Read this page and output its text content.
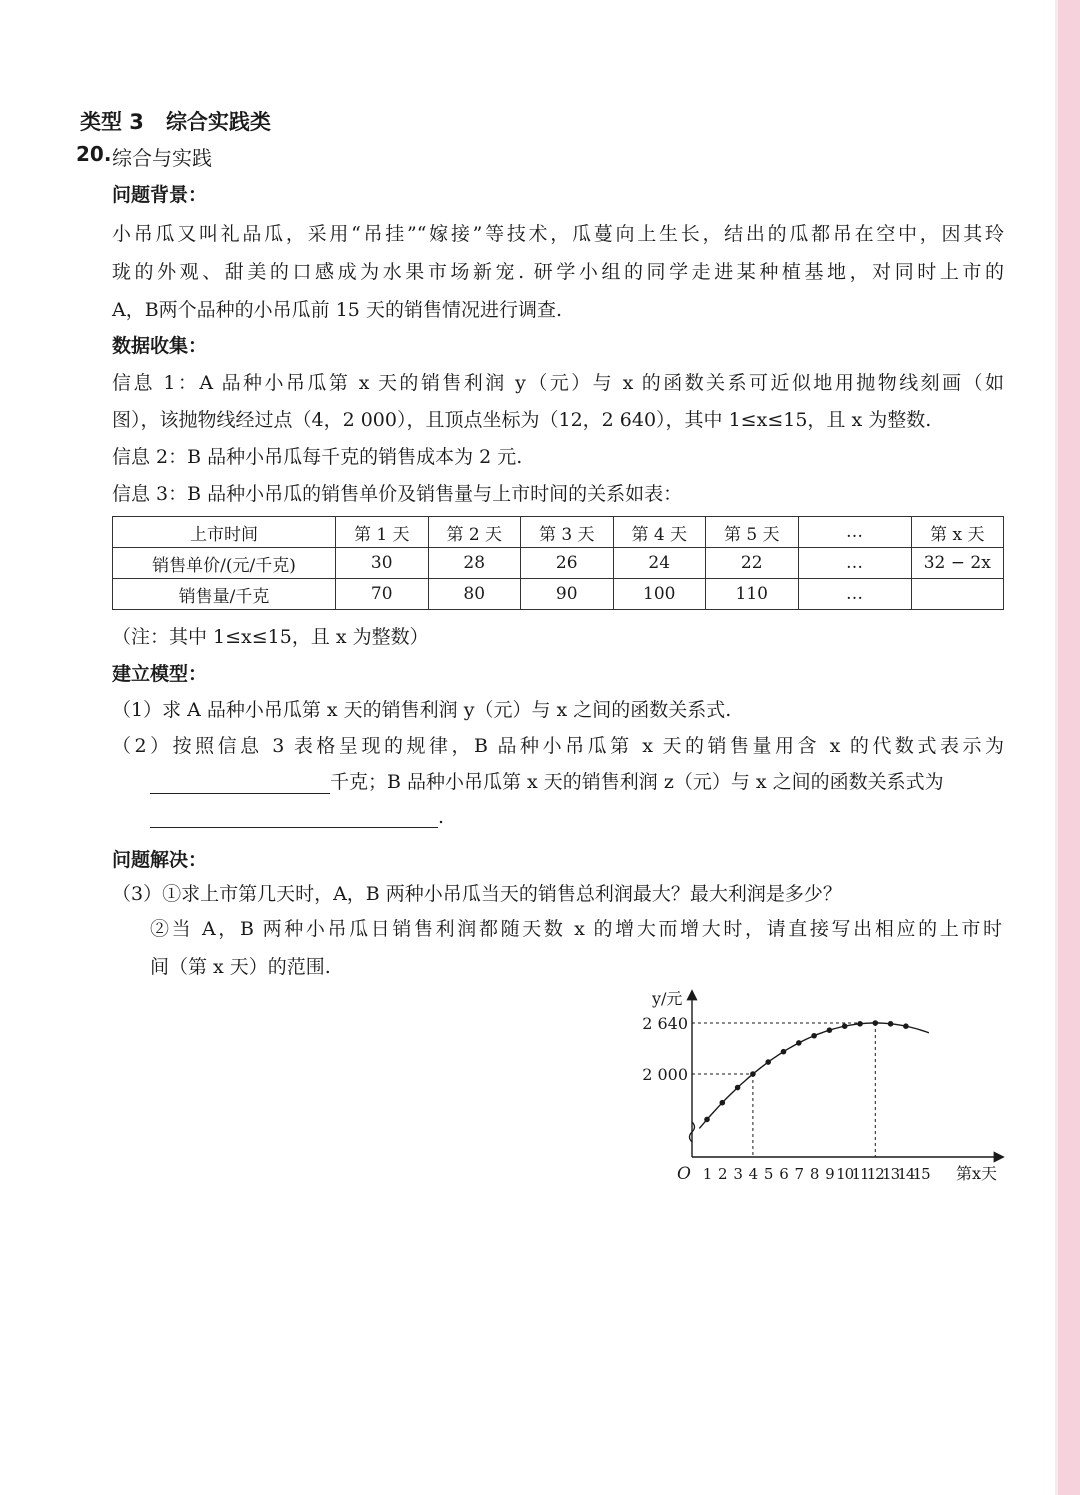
类型 3 综合实践类
20. 综合与实践
问题背景：
小吊瓜又叫礼品瓜，采用“吊挂”“嫁接”等技术，瓜蔓向上生长，结出的瓜都吊在空中，因其玲
珑的外观、甜美的口感成为水果市场新宠. 研学小组的同学走进某种植基地，对同时上市的
A，B两个品种的小吊瓜前 15 天的销售情况进行调查.
数据收集：
信息 1：A 品种小吊瓜第 x 天的销售利润 y（元）与 x 的函数关系可近似地用抛物线刻画（如
图），该抛物线经过点（4，2 000），且顶点坐标为（12，2 640），其中 1≤x≤15，且 x 为整数.
信息 2：B 品种小吊瓜每千克的销售成本为 2 元.
信息 3：B 品种小吊瓜的销售单价及销售量与上市时间的关系如表：
上市时间	第 1 天	第 2 天	第 3 天	第 4 天	第 5 天	…	第 x 天
销售单价/(元/千克)	30	28	26	24	22	…	32 − 2x
销售量/千克	70	80	90	100	110	…	
（注：其中 1≤x≤15，且 x 为整数）
建立模型：
（1）求 A 品种小吊瓜第 x 天的销售利润 y（元）与 x 之间的函数关系式.
（2）按照信息 3 表格呈现的规律，B 品种小吊瓜第 x 天的销售量用含 x 的代数式表示为
千克；B 品种小吊瓜第 x 天的销售利润 z（元）与 x 之间的函数关系式为
.
问题解决：
（3）①求上市第几天时，A，B 两种小吊瓜当天的销售总利润最大？最大利润是多少？
②当 A，B 两种小吊瓜日销售利润都随天数 x 的增大而增大时，请直接写出相应的上市时
间（第 x 天）的范围.
O
y/元
第x天
1 2 3 4 5 6 7 8 9 10
11
12
13
14
15
2 000
2 640
